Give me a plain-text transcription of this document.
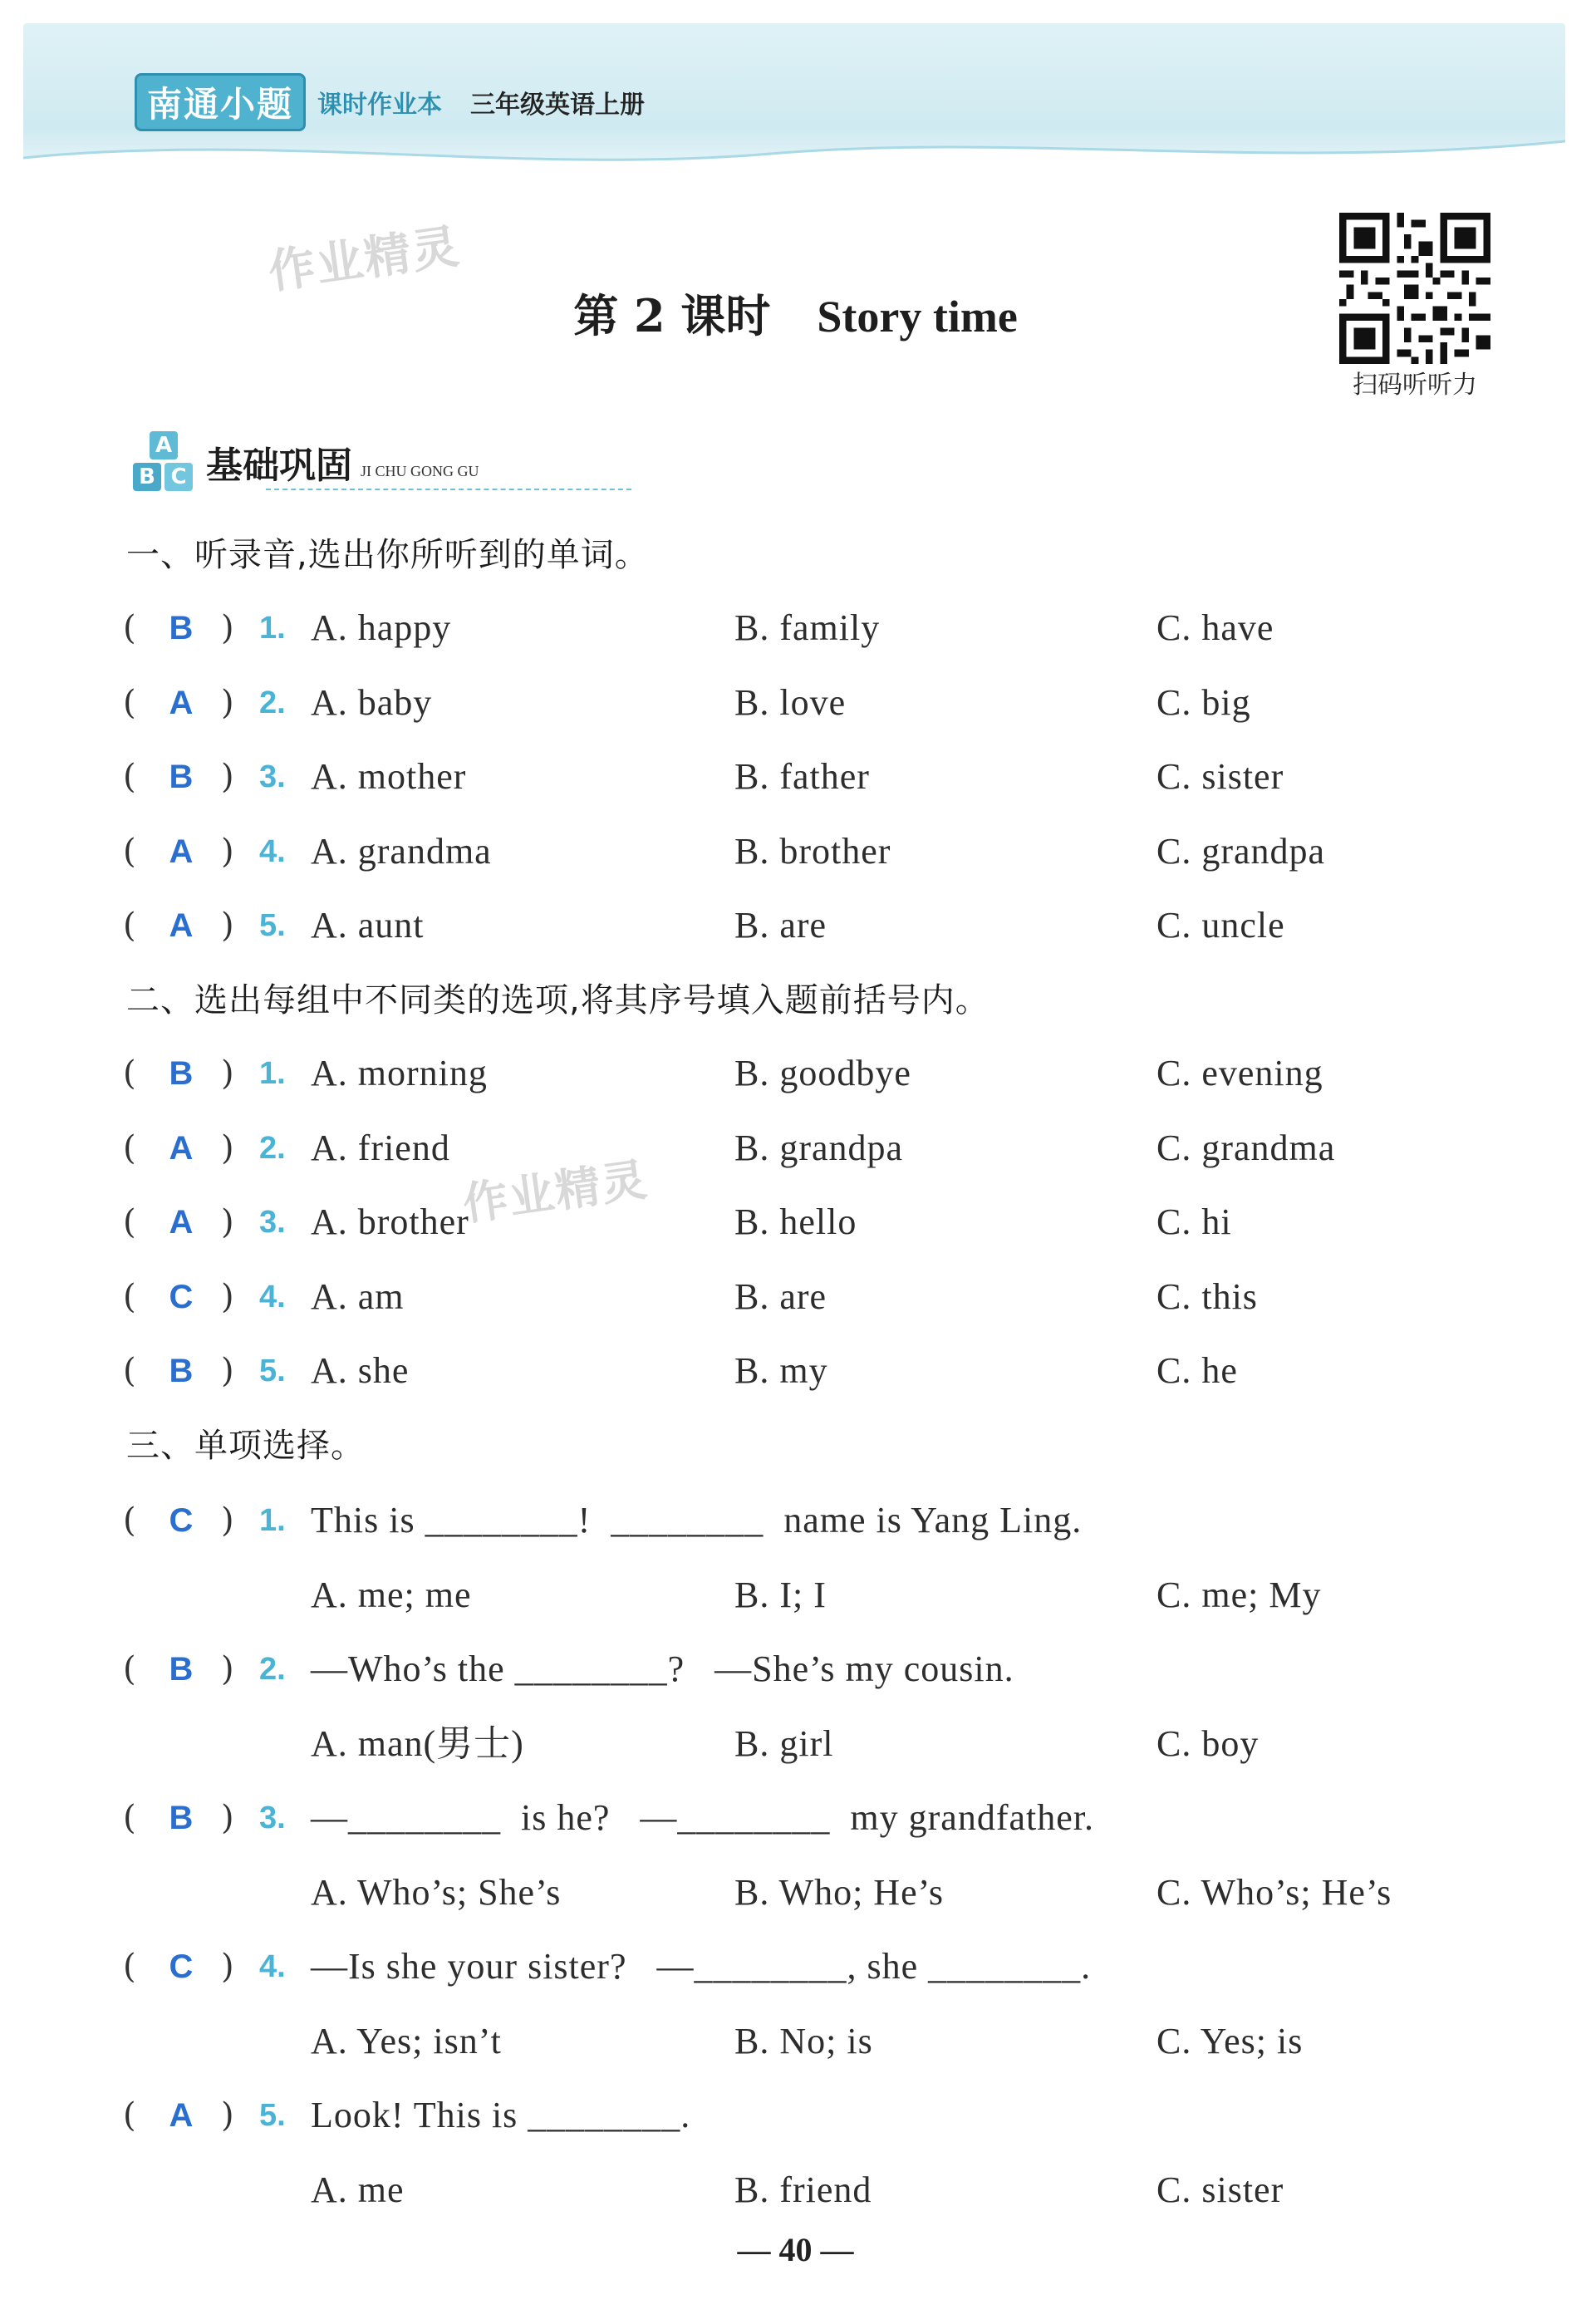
南通小题 课时作业本 三年级英语上册
作业精灵
作业精灵
第 2 课时 Story time
扫码听听力
A
B C 基础巩固 JI CHU GONG GU
一、听录音,选出你所听到的单词。
( B ) 1. A. happy	B. family	C. have
( A ) 2. A. baby	B. love	C. big
( B ) 3. A. mother	B. father	C. sister
( A ) 4. A. grandma	B. brother	C. grandpa
( A ) 5. A. aunt	B. are	C. uncle
二、选出每组中不同类的选项,将其序号填入题前括号内。
( B ) 1. A. morning	B. goodbye	C. evening
( A ) 2. A. friend	B. grandpa	C. grandma
( A ) 3. A. brother	B. hello	C. hi
( C ) 4. A. am	B. are	C. this
( B ) 5. A. she	B. my	C. he
三、单项选择。
( C ) 1. This is ________!  ________  name is Yang Ling.
A. me; me	B. I; I	C. me; My
( B ) 2. —Who’s the ________?   —She’s my cousin.
A. man(男士)	B. girl	C. boy
( B ) 3. —________  is he?   —________  my grandfather.
A. Who’s; She’s	B. Who; He’s	C. Who’s; He’s
( C ) 4. —Is she your sister?   —________, she ________.
A. Yes; isn’t	B. No; is	C. Yes; is
( A ) 5. Look! This is ________.
A. me	B. friend	C. sister
— 40 —
